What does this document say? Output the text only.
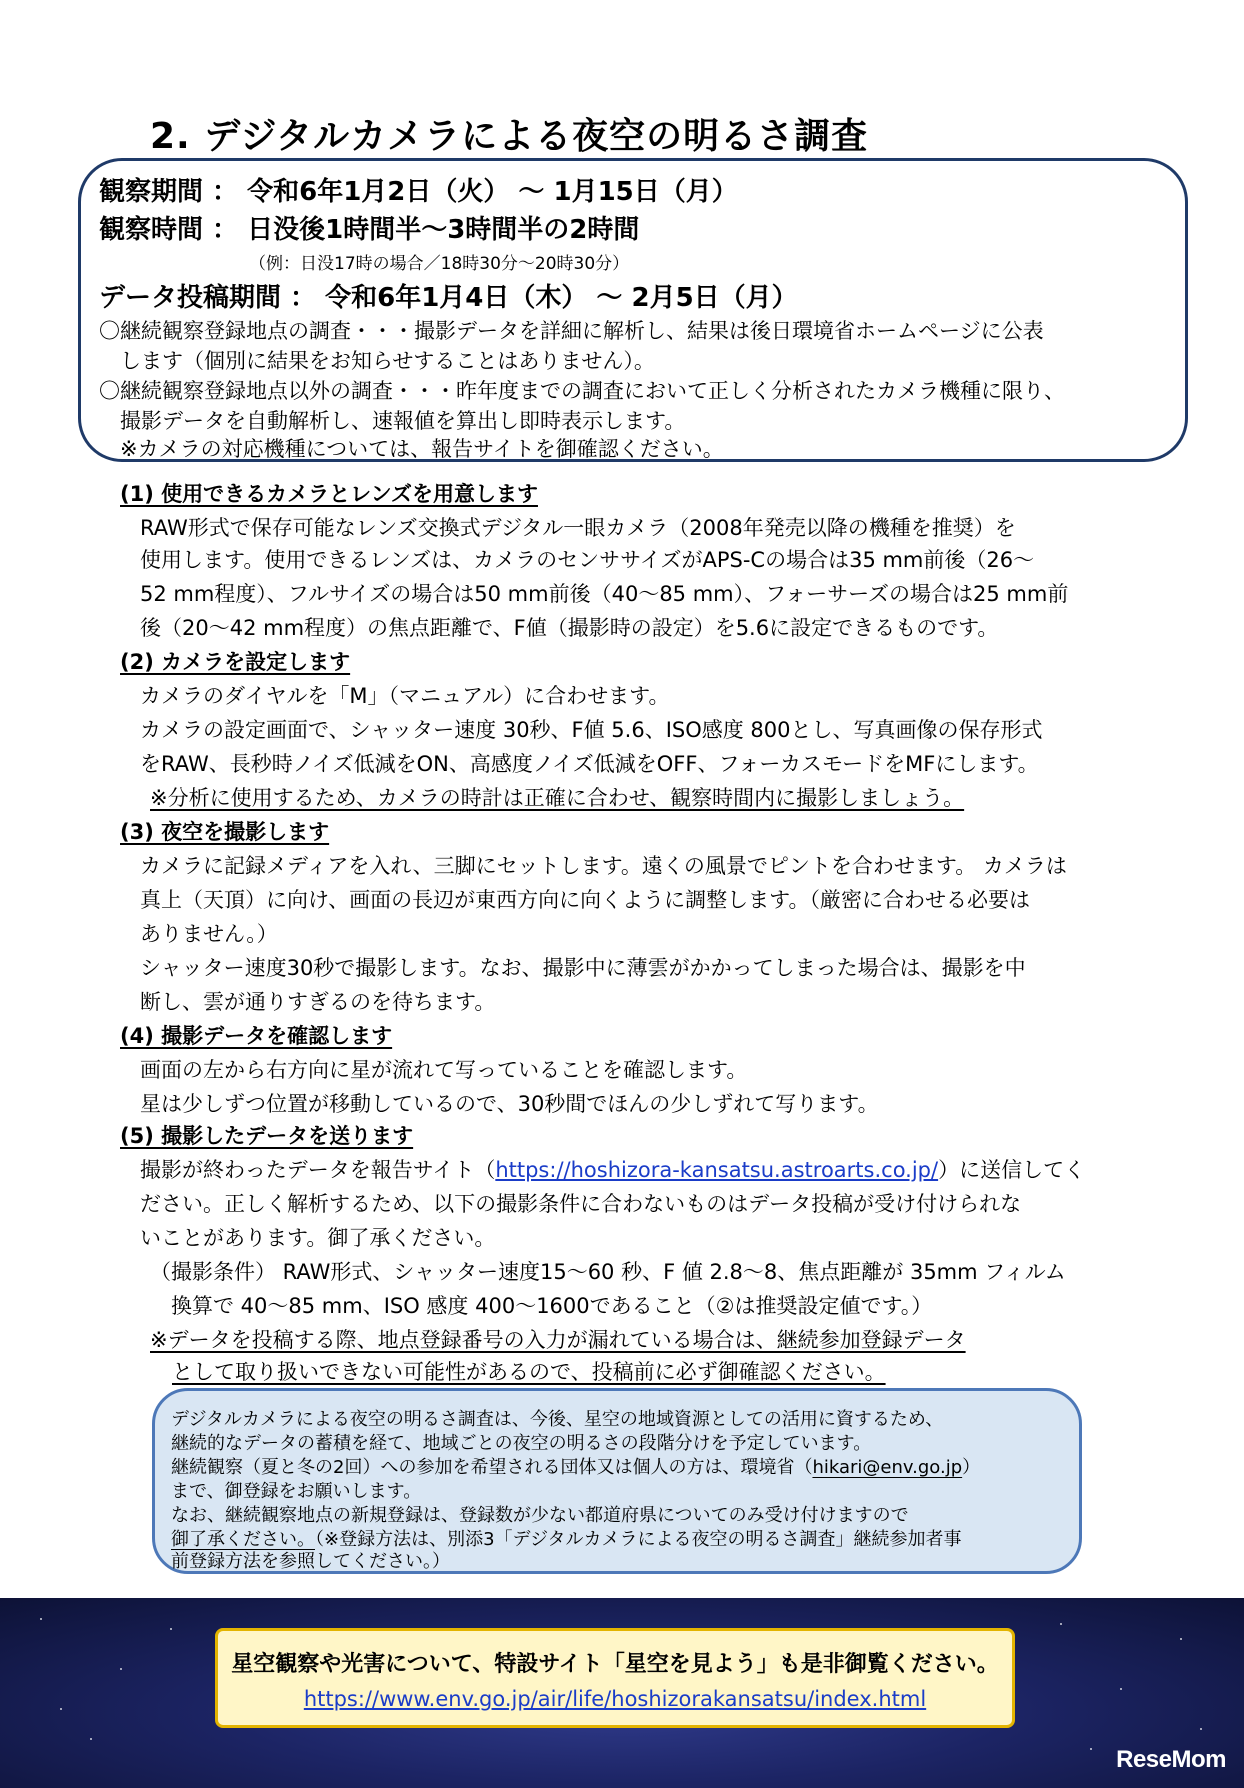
2. デジタルカメラによる夜空の明るさ調査
観察期間 ： 令和6年1月2日（火） ～ 1月15日（月）
観察時間 ： 日没後1時間半～3時間半の2時間
（例：日没17時の場合／18時30分～20時30分）
データ投稿期間 ： 令和6年1月4日（木） ～ 2月5日（月）
〇継続観察登録地点の調査・・・撮影データを詳細に解析し、結果は後日環境省ホームページに公表
　します（個別に結果をお知らせすることはありません）。
〇継続観察登録地点以外の調査・・・昨年度までの調査において正しく分析されたカメラ機種に限り、
　撮影データを自動解析し、速報値を算出し即時表示します。
　※カメラの対応機種については、報告サイトを御確認ください。
(1) 使用できるカメラとレンズを用意します
RAW形式で保存可能なレンズ交換式デジタル一眼カメラ（2008年発売以降の機種を推奨）を
使用します。使用できるレンズは、カメラのセンササイズがAPS-Cの場合は35 mm前後（26～
52 mm程度）、フルサイズの場合は50 mm前後（40～85 mm）、フォーサーズの場合は25 mm前
後（20～42 mm程度）の焦点距離で、F値（撮影時の設定）を5.6に設定できるものです。
(2) カメラを設定します
カメラのダイヤルを「M」（マニュアル）に合わせます。
カメラの設定画面で、シャッター速度 30秒、F値 5.6、ISO感度 800とし、写真画像の保存形式
をRAW、長秒時ノイズ低減をON、高感度ノイズ低減をOFF、フォーカスモードをMFにします。
※分析に使用するため、カメラの時計は正確に合わせ、観察時間内に撮影しましょう。
(3) 夜空を撮影します
カメラに記録メディアを入れ、三脚にセットします。遠くの風景でピントを合わせます。 カメラは
真上（天頂）に向け、画面の長辺が東西方向に向くように調整します。（厳密に合わせる必要は
ありません。）
シャッター速度30秒で撮影します。なお、撮影中に薄雲がかかってしまった場合は、撮影を中
断し、雲が通りすぎるのを待ちます。
(4) 撮影データを確認します
画面の左から右方向に星が流れて写っていることを確認します。
星は少しずつ位置が移動しているので、30秒間でほんの少しずれて写ります。
(5) 撮影したデータを送ります
撮影が終わったデータを報告サイト（https://hoshizora-kansatsu.astroarts.co.jp/）に送信してく
ださい。正しく解析するため、以下の撮影条件に合わないものはデータ投稿が受け付けられな
いことがあります。御了承ください。
（撮影条件） RAW形式、シャッター速度15～60 秒、F 値 2.8～8、焦点距離が 35mm フィルム
　換算で 40～85 mm、ISO 感度 400～1600であること（②は推奨設定値です。）
※データを投稿する際、地点登録番号の入力が漏れている場合は、継続参加登録データ
として取り扱いできない可能性があるので、投稿前に必ず御確認ください。
デジタルカメラによる夜空の明るさ調査は、今後、星空の地域資源としての活用に資するため、
継続的なデータの蓄積を経て、地域ごとの夜空の明るさの段階分けを予定しています。
継続観察（夏と冬の2回）への参加を希望される団体又は個人の方は、環境省（hikari@env.go.jp）
まで、御登録をお願いします。
なお、継続観察地点の新規登録は、登録数が少ない都道府県についてのみ受け付けますので
御了承ください。（※登録方法は、別添3「デジタルカメラによる夜空の明るさ調査」継続参加者事
前登録方法を参照してください。）
ReseMom
星空観察や光害について、特設サイト「星空を見よう」も是非御覧ください。
https://www.env.go.jp/air/life/hoshizorakansatsu/index.html
